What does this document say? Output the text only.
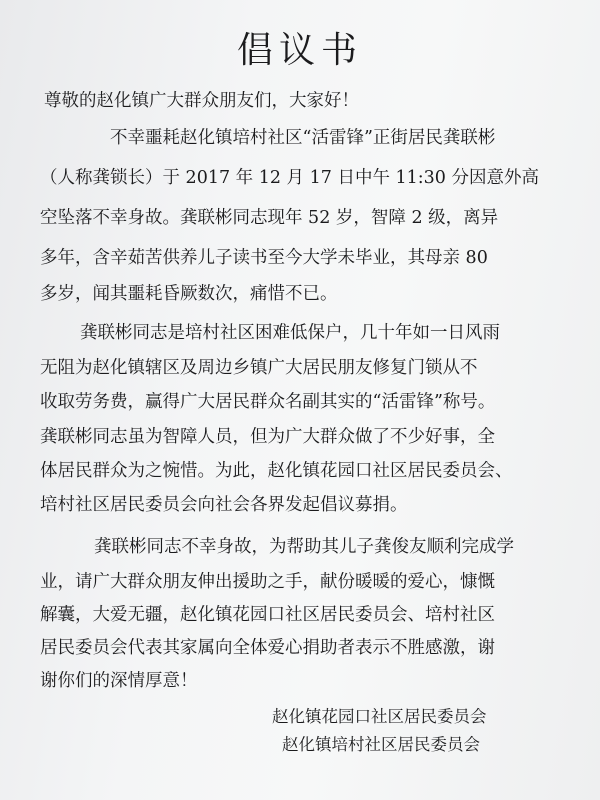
倡议书

尊敬的赵化镇广大群众朋友们，大家好！

不幸噩耗赵化镇培村社区“活雷锋”正街居民龚联彬

（人称龚锁长）于 2017 年 12 月 17 日中午 11:30 分因意外高

空坠落不幸身故。龚联彬同志现年 52 岁，智障 2 级，离异

多年，含辛茹苦供养儿子读书至今大学未毕业，其母亲 80

多岁，闻其噩耗昏厥数次，痛惜不已。

龚联彬同志是培村社区困难低保户，几十年如一日风雨

无阻为赵化镇辖区及周边乡镇广大居民朋友修复门锁从不

收取劳务费，赢得广大居民群众名副其实的“活雷锋”称号。

龚联彬同志虽为智障人员，但为广大群众做了不少好事，全

体居民群众为之惋惜。为此，赵化镇花园口社区居民委员会、

培村社区居民委员会向社会各界发起倡议募捐。

龚联彬同志不幸身故，为帮助其儿子龚俊友顺利完成学

业，请广大群众朋友伸出援助之手，献份暖暖的爱心，慷慨

解囊，大爱无疆，赵化镇花园口社区居民委员会、培村社区

居民委员会代表其家属向全体爱心捐助者表示不胜感激，谢

谢你们的深情厚意！

赵化镇花园口社区居民委员会

赵化镇培村社区居民委员会
